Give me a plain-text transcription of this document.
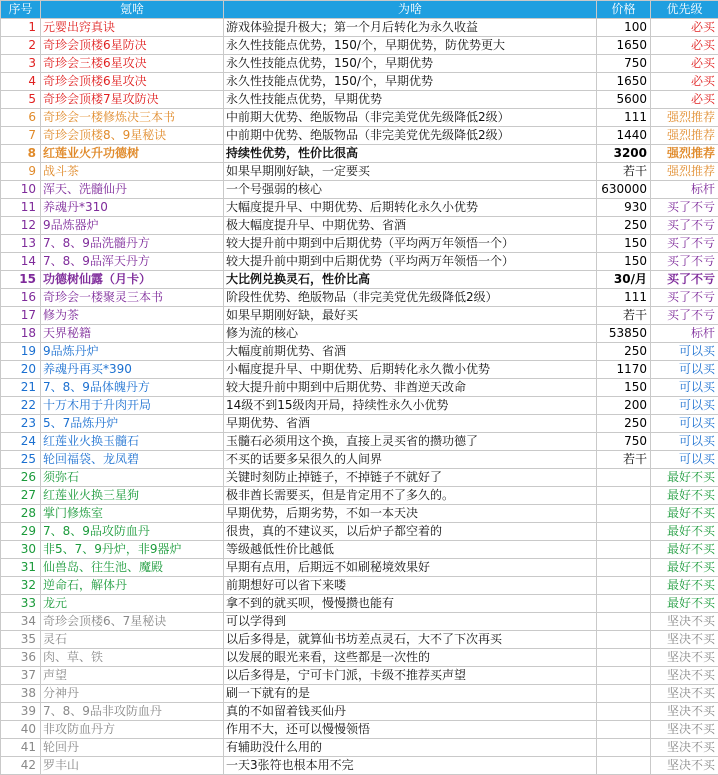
序号	氪啥	为啥	价格	优先级
1	元婴出窍真诀	游戏体验提升极大；第一个月后转化为永久收益	100	必买
2	奇珍会顶楼6星防决	永久性技能点优势，150/个，早期优势，防优势更大	1650	必买
3	奇珍会三楼6星攻决	永久性技能点优势，150/个，早期优势	750	必买
4	奇珍会顶楼6星攻决	永久性技能点优势，150/个，早期优势	1650	必买
5	奇珍会顶楼7星攻防决	永久性技能点优势，早期优势	5600	必买
6	奇珍会一楼修炼决三本书	中前期大优势、绝版物品（非完美党优先级降低2级）	111	强烈推荐
7	奇珍会顶楼8、9星秘诀	中前期中优势、绝版物品（非完美党优先级降低2级）	1440	强烈推荐
8	红莲业火升功德树	持续性优势，性价比很高	3200	强烈推荐
9	战斗茶	如果早期刚好缺，一定要买	若干	强烈推荐
10	浑天、洗髓仙丹	一个号强弱的核心	630000	标杆
11	养魂丹*310	大幅度提升早、中期优势、后期转化永久小优势	930	买了不亏
12	9品炼器炉	极大幅度提升早、中期优势、省酒	250	买了不亏
13	7、8、9品洗髓丹方	较大提升前中期到中后期优势（平均两万年领悟一个）	150	买了不亏
14	7、8、9品浑天丹方	较大提升前中期到中后期优势（平均两万年领悟一个）	150	买了不亏
15	功德树仙露（月卡）	大比例兑换灵石，性价比高	30/月	买了不亏
16	奇珍会一楼聚灵三本书	阶段性优势、绝版物品（非完美党优先级降低2级）	111	买了不亏
17	修为茶	如果早期刚好缺，最好买	若干	买了不亏
18	天界秘籍	修为流的核心	53850	标杆
19	9品炼丹炉	大幅度前期优势、省酒	250	可以买
20	养魂丹再买*390	小幅度提升早、中期优势、后期转化永久微小优势	1170	可以买
21	7、8、9品体魄丹方	较大提升前中期到中后期优势、非酋逆天改命	150	可以买
22	十万木用于升肉开局	14级不到15级肉开局，持续性永久小优势	200	可以买
23	5、7品炼丹炉	早期优势、省酒	250	可以买
24	红莲业火换玉髓石	玉髓石必须用这个换，直接上灵买省的攒功德了	750	可以买
25	轮回福袋、龙凤碧	不买的话要多呆很久的人间界	若干	可以买
26	须弥石	关键时刻防止掉链子，不掉链子不就好了		最好不买
27	红莲业火换三星狗	极非酋长需要买，但是肯定用不了多久的。		最好不买
28	掌门修炼室	早期优势，后期劣势，不如一本天决		最好不买
29	7、8、9品攻防血丹	很贵，真的不建议买，以后炉子都空着的		最好不买
30	非5、7、9丹炉，非9器炉	等级越低性价比越低		最好不买
31	仙兽岛、往生池、魔殿	早期有点用，后期远不如刷秘境效果好		最好不买
32	逆命石，解体丹	前期想好可以省下来喽		最好不买
33	龙元	拿不到的就买呗，慢慢攒也能有		最好不买
34	奇珍会顶楼6、7星秘诀	可以学得到		坚决不买
35	灵石	以后多得是，就算仙书坊差点灵石，大不了下次再买		坚决不买
36	肉、草、铁	以发展的眼光来看，这些都是一次性的		坚决不买
37	声望	以后多得是，宁可卡门派，卡级不推荐买声望		坚决不买
38	分神丹	刷一下就有的是		坚决不买
39	7、8、9品非攻防血丹	真的不如留着钱买仙丹		坚决不买
40	非攻防血丹方	作用不大，还可以慢慢领悟		坚决不买
41	轮回丹	有辅助没什么用的		坚决不买
42	罗丰山	一天3张符也根本用不完		坚决不买
